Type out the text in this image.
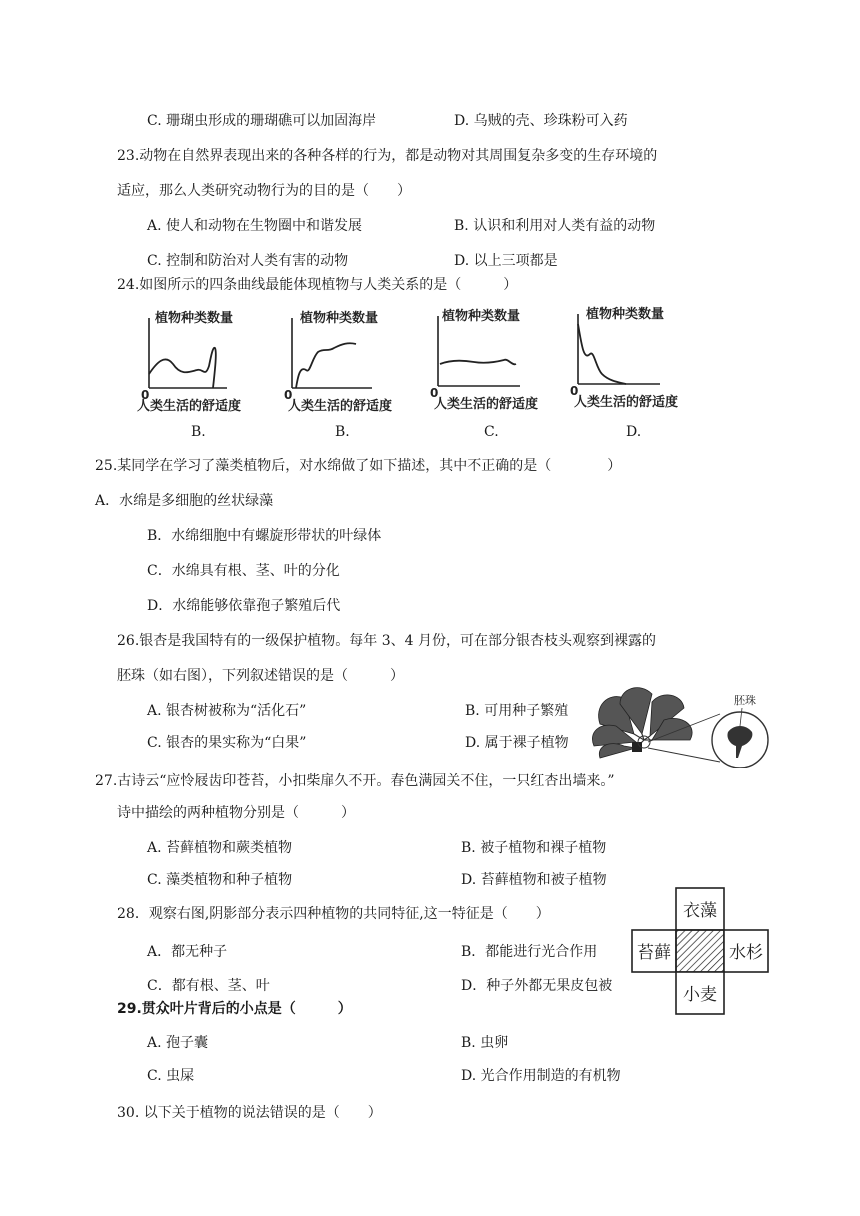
C. 珊瑚虫形成的珊瑚礁可以加固海岸	D. 乌贼的壳、珍珠粉可入药
23.动物在自然界表现出来的各种各样的行为，都是动物对其周围复杂多变的生存环境的
适应，那么人类研究动物行为的目的是（　　）
A. 使人和动物在生物圈中和谐发展	B. 认识和利用对人类有益的动物
C. 控制和防治对人类有害的动物	D. 以上三项都是
24.如图所示的四条曲线最能体现植物与人类关系的是（　　　）
植物种类数量
0
人类生活的舒适度
植物种类数量
0
人类生活的舒适度
植物种类数量
0
人类生活的舒适度
植物种类数量
0
人类生活的舒适度
B.	B.	C.	D.
25.某同学在学习了藻类植物后，对水绵做了如下描述，其中不正确的是（　　　　）
A．水绵是多细胞的丝状绿藻
B．水绵细胞中有螺旋形带状的叶绿体
C．水绵具有根、茎、叶的分化
D．水绵能够依靠孢子繁殖后代
26.银杏是我国特有的一级保护植物。每年 3、4 月份，可在部分银杏枝头观察到裸露的
胚珠（如右图），下列叙述错误的是（　　　）
A. 银杏树被称为“活化石”	B. 可用种子繁殖
C. 银杏的果实称为“白果”	D. 属于裸子植物
胚珠
27.古诗云“应怜屐齿印苍苔，小扣柴扉久不开。春色满园关不住，一只红杏出墙来。”
诗中描绘的两种植物分别是（　　　）
A. 苔藓植物和蕨类植物	B. 被子植物和裸子植物
C. 藻类植物和种子植物	D. 苔藓植物和被子植物
28．观察右图,阴影部分表示四种植物的共同特征,这一特征是（　　）
A．都无种子	B．都能进行光合作用
C．都有根、茎、叶	D．种子外都无果皮包被
衣藻
苔藓	水杉
小麦
29.贯众叶片背后的小点是（　　　）
A. 孢子囊	B. 虫卵
C. 虫屎	D. 光合作用制造的有机物
30. 以下关于植物的说法错误的是（　　）
